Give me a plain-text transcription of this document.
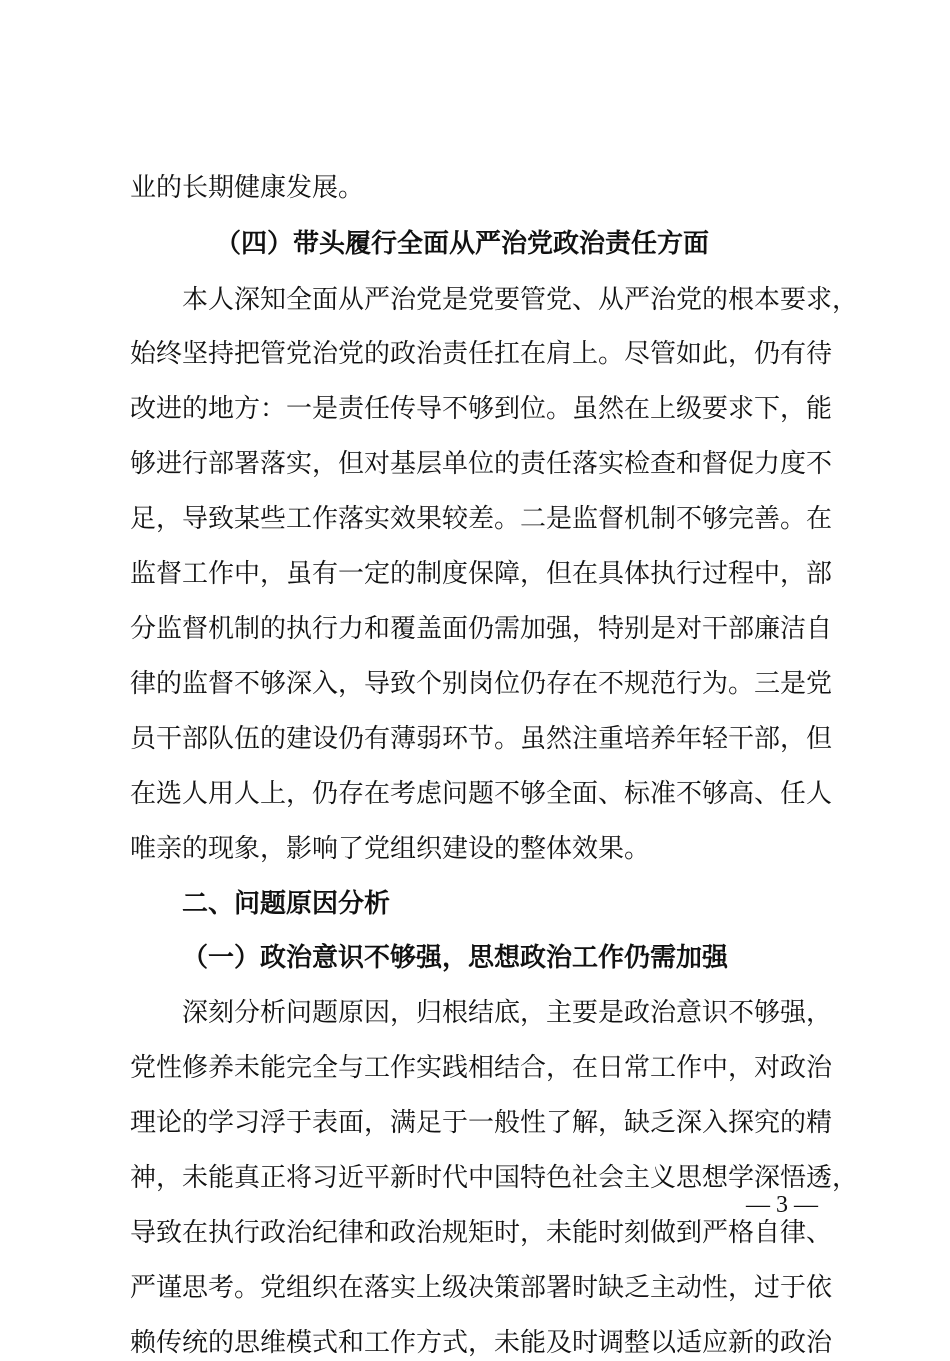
业的长期健康发展。
（四）带头履行全面从严治党政治责任方面
本人深知全面从严治党是党要管党、从严治党的根本要求，
始终坚持把管党治党的政治责任扛在肩上。尽管如此，仍有待
改进的地方：一是责任传导不够到位。虽然在上级要求下，能
够进行部署落实，但对基层单位的责任落实检查和督促力度不
足，导致某些工作落实效果较差。二是监督机制不够完善。在
监督工作中，虽有一定的制度保障，但在具体执行过程中，部
分监督机制的执行力和覆盖面仍需加强，特别是对干部廉洁自
律的监督不够深入，导致个别岗位仍存在不规范行为。三是党
员干部队伍的建设仍有薄弱环节。虽然注重培养年轻干部，但
在选人用人上，仍存在考虑问题不够全面、标准不够高、任人
唯亲的现象，影响了党组织建设的整体效果。
二、问题原因分析
（一）政治意识不够强，思想政治工作仍需加强
深刻分析问题原因，归根结底，主要是政治意识不够强，
党性修养未能完全与工作实践相结合，在日常工作中，对政治
理论的学习浮于表面，满足于一般性了解，缺乏深入探究的精
神，未能真正将习近平新时代中国特色社会主义思想学深悟透，
导致在执行政治纪律和政治规矩时，未能时刻做到严格自律、
严谨思考。党组织在落实上级决策部署时缺乏主动性，过于依
赖传统的思维模式和工作方式，未能及时调整以适应新的政治
— 3 —
